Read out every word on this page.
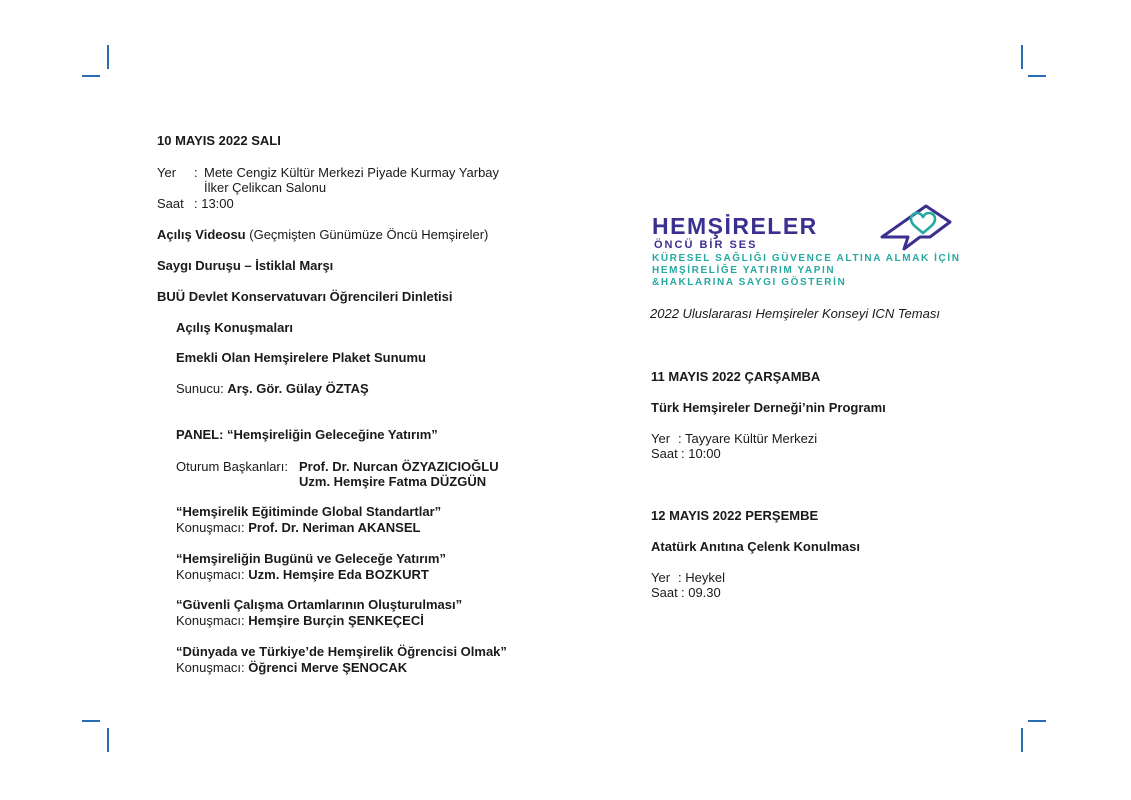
10 MAYIS 2022 SALI
Yer : Mete Cengiz Kültür Merkezi Piyade Kurmay Yarbay
İlker Çelikcan Salonu
Saat : 13:00
Açılış Videosu (Geçmişten Günümüze Öncü Hemşireler)
Saygı Duruşu – İstiklal Marşı
BUÜ Devlet Konservatuvarı Öğrencileri Dinletisi
Açılış Konuşmaları
Emekli Olan Hemşirelere Plaket Sunumu
Sunucu: Arş. Gör. Gülay ÖZTAŞ
PANEL: “Hemşireliğin Geleceğine Yatırım”
Oturum Başkanları: Prof. Dr. Nurcan ÖZYAZICIOĞLU
Uzm. Hemşire Fatma DÜZGÜN
“Hemşirelik Eğitiminde Global Standartlar”
Konuşmacı: Prof. Dr. Neriman AKANSEL
“Hemşireliğin Bugünü ve Geleceğe Yatırım”
Konuşmacı: Uzm. Hemşire Eda BOZKURT
“Güvenli Çalışma Ortamlarının Oluşturulması”
Konuşmacı: Hemşire Burçin ŞENKEÇECİ
“Dünyada ve Türkiye’de Hemşirelik Öğrencisi Olmak”
Konuşmacı: Öğrenci Merve ŞENOCAK
HEMŞİRELER
ÖNCÜ BİR SES
KÜRESEL SAĞLIĞI GÜVENCE ALTINA ALMAK İÇİN
HEMŞİRELİĞE YATIRIM YAPIN
&HAKLARINA SAYGI GÖSTERİN
2022 Uluslararası Hemşireler Konseyi ICN Teması
11 MAYIS 2022 ÇARŞAMBA
Türk Hemşireler Derneği’nin Programı
Yer : Tayyare Kültür Merkezi
Saat : 10:00
12 MAYIS 2022 PERŞEMBE
Atatürk Anıtına Çelenk Konulması
Yer : Heykel
Saat : 09.30
